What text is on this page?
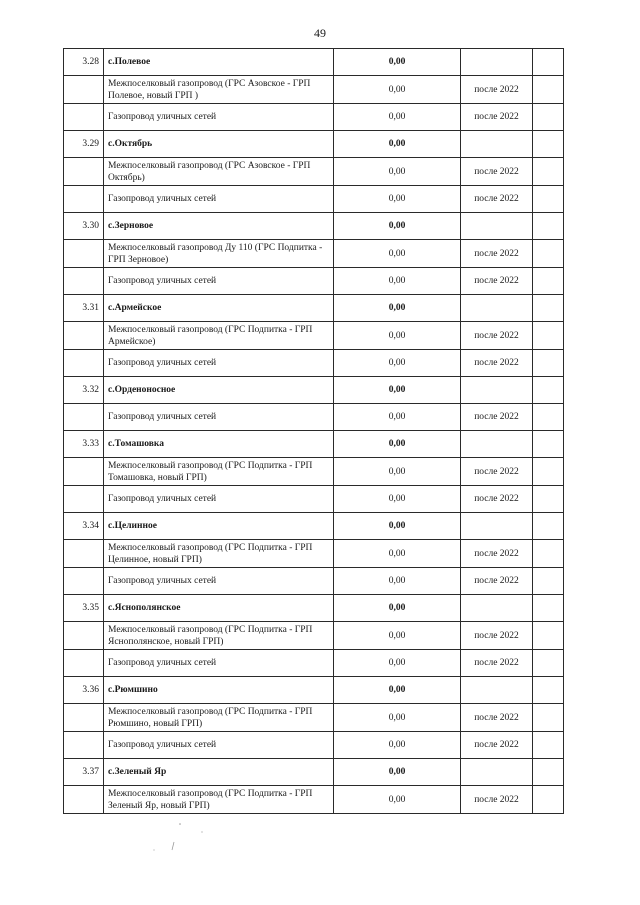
49
3.28	с.Полевое	0,00		
	Межпоселковый газопровод (ГРС Азовское - ГРП Полевое, новый ГРП )	0,00	после 2022	
	Газопровод уличных сетей	0,00	после 2022	
3.29	с.Октябрь	0,00		
	Межпоселковый газопровод (ГРС Азовское - ГРП Октябрь)	0,00	после 2022	
	Газопровод уличных сетей	0,00	после 2022	
3.30	с.Зерновое	0,00		
	Межпоселковый газопровод Ду 110 (ГРС Подпитка - ГРП Зерновое)	0,00	после 2022	
	Газопровод уличных сетей	0,00	после 2022	
3.31	с.Армейское	0,00		
	Межпоселковый газопровод (ГРС Подпитка - ГРП Армейское)	0,00	после 2022	
	Газопровод уличных сетей	0,00	после 2022	
3.32	с.Орденоносное	0,00		
	Газопровод уличных сетей	0,00	после 2022	
3.33	с.Томашовка	0,00		
	Межпоселковый газопровод (ГРС Подпитка - ГРП Томашовка, новый ГРП)	0,00	после 2022	
	Газопровод уличных сетей	0,00	после 2022	
3.34	с.Целинное	0,00		
	Межпоселковый газопровод (ГРС Подпитка - ГРП Целинное, новый ГРП)	0,00	после 2022	
	Газопровод уличных сетей	0,00	после 2022	
3.35	с.Яснополянское	0,00		
	Межпоселковый газопровод (ГРС Подпитка - ГРП Яснополянское, новый ГРП)	0,00	после 2022	
	Газопровод уличных сетей	0,00	после 2022	
3.36	с.Рюмшино	0,00		
	Межпоселковый газопровод (ГРС Подпитка - ГРП Рюмшино, новый ГРП)	0,00	после 2022	
	Газопровод уличных сетей	0,00	после 2022	
3.37	с.Зеленый Яр	0,00		
	Межпоселковый газопровод (ГРС Подпитка - ГРП Зеленый Яр, новый ГРП)	0,00	после 2022	
